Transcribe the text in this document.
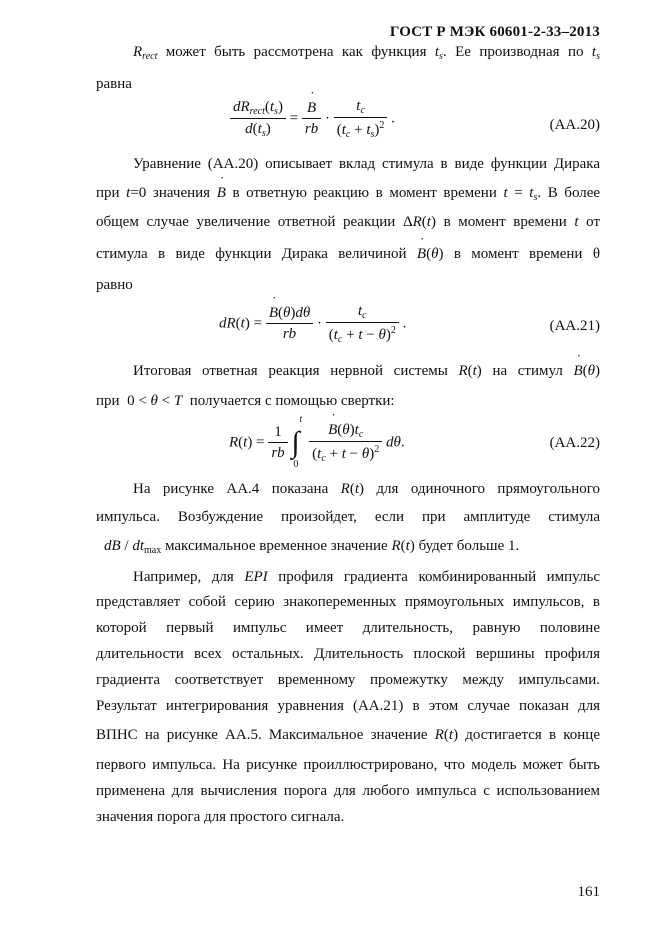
ГОСТ Р МЭК 60601-2-33–2013
$R_{rect}$ может быть рассмотрена как функция $t_s$. Ее производная по $t_s$
равна
$\frac{dR_{rect}(t_s)}{d(t_s)}$ = ˙ $\frac{B}{rb} \cdot \frac{t_c}{(t_c + t_s)^2}$ .	(AA.20)
Уравнение (AA.20) описывает вклад стимула в виде функции Дирака
при t=0 значения ˙ B в ответную реакцию в момент времени $t = t_s$. В более
общем случае увеличение ответной реакции ΔR(t) в момент времени t от
стимула в виде функции Дирака величиной ˙ B(θ) в момент времени θ
равно
dR(t) = ˙ $\frac{B(\theta)d\theta}{rb} \cdot \frac{t_c}{(t_c + t - \theta)^2}$ .	(AA.21)
Итоговая ответная реакция нервной системы R(t) на стимул ˙ B(θ)
при  0 < θ < T получается с помощью свертки:
$R(t) = \frac{1}{rb}$ ∫
t
0

˙ $\frac{B(\theta)t_c}{(t_c + t - \theta)^2} d\theta$.	(AA.22)
На рисунке AA.4 показана R(t) для одиночного прямоугольного
импульса. Возбуждение произойдет, если при амплитуде стимула
dB / $dt_{max}$ максимальное временное значение R(t) будет больше 1.
Например, для EPI профиля градиента комбинированный импульс
представляет собой серию знакопеременных прямоугольных импульсов, в
которой первый импульс имеет длительность, равную половине
длительности всех остальных. Длительность плоской вершины профиля
градиента соответствует временному промежутку между импульсами.
Результат интегрирования уравнения (AA.21) в этом случае показан для
ВПНС на рисунке AA.5. Максимальное значение R(t) достигается в конце
первого импульса. На рисунке проиллюстрировано, что модель может быть
применена для вычисления порога для любого импульса с использованием
значения порога для простого сигнала.
161
